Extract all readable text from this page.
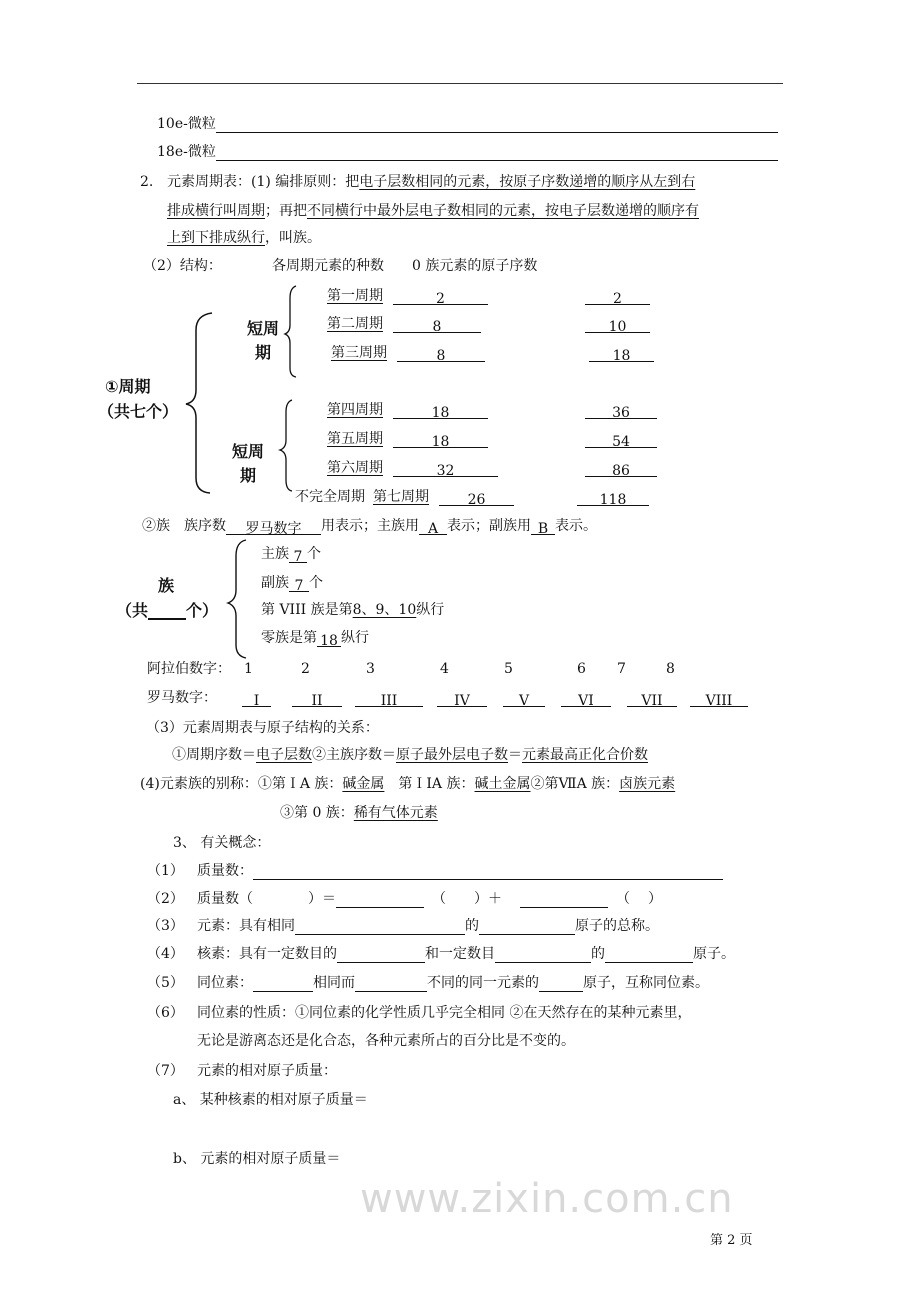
www.zixin.com.cn
10e-微粒
18e-微粒
2. 元素周期表：(1) 编排原则：把电子层数相同的元素，按原子序数递增的顺序从左到右
排成横行叫周期；再把不同横行中最外层电子数相同的元素，按电子层数递增的顺序有
上到下排成纵行，叫族。
（2）结构：	各周期元素的种数 0 族元素的原子序数
①周期
（共七个）
短周
期
短周
期
第一周期	2	2
第二周期	8	10
第三周期	8	18
第四周期	18	36
第五周期	18	54
第六周期	32	86
不完全周期 第七周期	26	118
②族　族序数 罗马数字 用表示；主族用 A 表示；副族用 B 表示。
族
（共 个）
主族 7 个
副族 7 个
第 VIII 族是第8、9、10纵行
零族是第 18 纵行
阿拉伯数字： 1	2	3	4	5	6 7	8
罗马数字：	I	II	III	IV	V	VI	VII	VIII
（3）元素周期表与原子结构的关系：
①周期序数＝电子层数②主族序数＝原子最外层电子数＝元素最高正化合价数
(4)元素族的别称：①第ＩA 族：碱金属 第ＩIA 族：碱土金属②第ⅦA 族：卤族元素
③第 0 族：稀有气体元素
3、 有关概念：
（1） 质量数：
（2） 质量数（	）＝	（ ）＋	（ ）
（3） 元素：具有相同	的	原子的总称。
（4） 核素：具有一定数目的	和一定数目	的	原子。
（5） 同位素：	相同而	不同的同一元素的	原子，互称同位素。
（6） 同位素的性质：①同位素的化学性质几乎完全相同 ②在天然存在的某种元素里，
无论是游离态还是化合态，各种元素所占的百分比是不变的。
（7） 元素的相对原子质量：
a、 某种核素的相对原子质量＝
b、 元素的相对原子质量＝
第 2 页
